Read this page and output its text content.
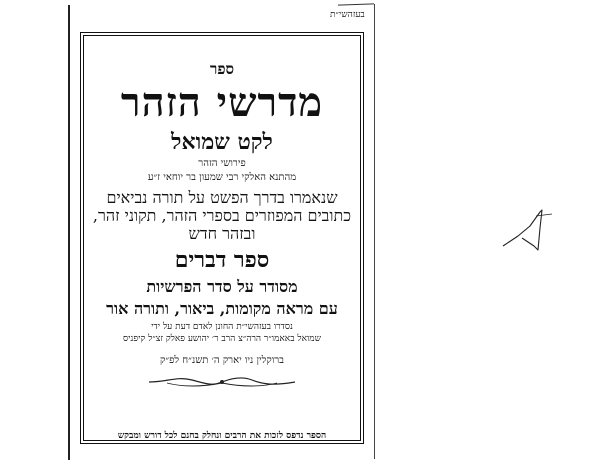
בעזהשי״ת
ספר
מדרשי הזהר
לקט שמואל
פירושי הזהר
מהתנא האלקי רבי שמעון בר יוחאי ז״ע
שנאמרו בדרך הפשט על תורה נביאים כתובים המפוזרים בספרי הזהר, תקוני זהר, ובזהר חדש
ספר דברים
מסודר על סדר הפרשיות
עם מראה מקומות, ביאור, ותורה אור
נסדרו בעזהשי״ת החונן לאדם דעת על ידי
שמואל באאמו״ר הרה״צ הרב ר׳ יהושע פאלק זצ״ל קיפניס
ברוקלין ניו יארק ה׳ תשנ״ח לפ״ק
הספר נדפס לזכות את הרבים ונחלק בחנם לכל דורש ומבקש
